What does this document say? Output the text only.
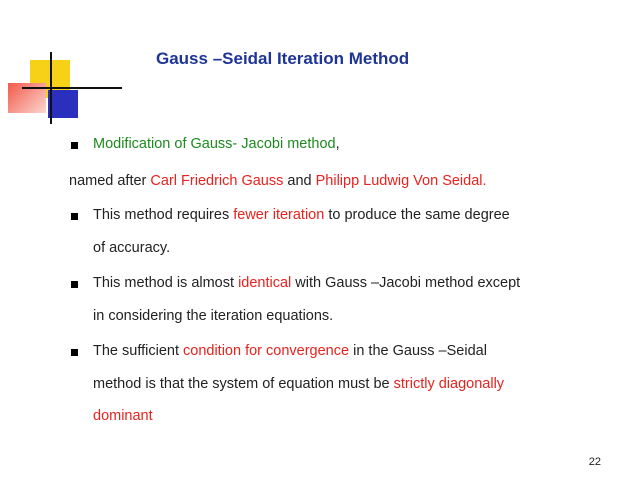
Gauss –Seidal Iteration Method
Modification of Gauss- Jacobi method,
named after Carl Friedrich Gauss and Philipp Ludwig Von Seidal.
This method requires fewer iteration to produce the same degree
of accuracy.
This method is almost identical with Gauss –Jacobi method except
in considering the iteration equations.
The sufficient condition for convergence in the Gauss –Seidal
method is that the system of equation must be strictly diagonally
dominant
22
